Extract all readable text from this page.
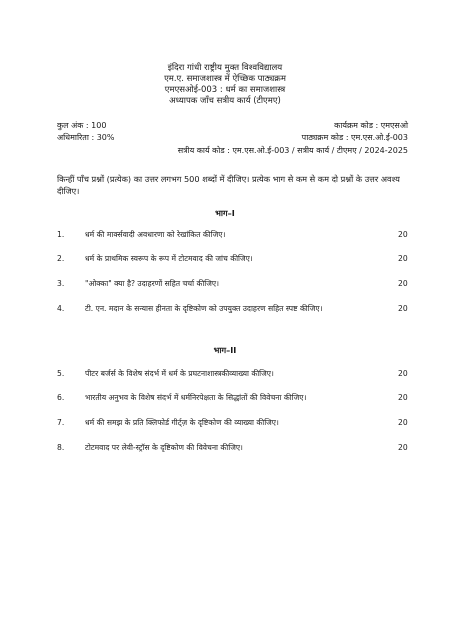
इंदिरा गांधी राष्ट्रीय मुक्त विश्वविद्यालय
एम.ए. समाजशास्त्र में ऐच्छिक पाठ्यक्रम
एमएसओई-003 : धर्म का समाजशास्त्र
अध्यापक जाँच सत्रीय कार्य (टीएमए)
कुल अंक : 100
अधिमारिता : 30%
कार्यक्रम कोड : एमएसओ
पाठ्यक्रम कोड : एम.एस.ओ.ई-003
सत्रीय कार्य कोड : एम.एस.ओ.ई-003 / सत्रीय कार्य / टीएमए / 2024-2025
किन्हीं पाँच प्रश्नों (प्रत्येक) का उत्तर लगभग 500 शब्दों में दीजिए। प्रत्येक भाग से कम से कम दो प्रश्नों के उत्तर अवश्य दीजिए।
भाग–I
1.	धर्म की मार्क्सवादी अवधारणा को रेखांकित कीजिए।	20
2.	धर्म के प्राथमिक स्वरूप के रूप में टोटमवाद की जांच कीजिए।	20
3.	"ओक्का" क्या है? उदाहरणों सहित चर्चा कीजिए।	20
4.	टी. एन. मदान के सन्यास हीनता के दृष्टिकोण को उपयुक्त उदाहरण सहित स्पष्ट कीजिए।	20
भाग–II
5.	पीटर बर्जर्स के विशेष संदर्भ में धर्म के प्रघटनाशास्त्रकीव्याख्या कीजिए।	20
6.	भारतीय अनुभव के विशेष संदर्भ में धर्मनिरपेक्षता के सिद्धांतों की विवेचना कीजिए।	20
7.	धर्म की समझ के प्रति क्लिफोर्ड गीर्ट्ज़ के दृष्टिकोण की व्याख्या कीजिए।	20
8.	टोटमवाद पर लेवी-स्ट्रॉस के दृष्टिकोण की विवेचना कीजिए।	20
